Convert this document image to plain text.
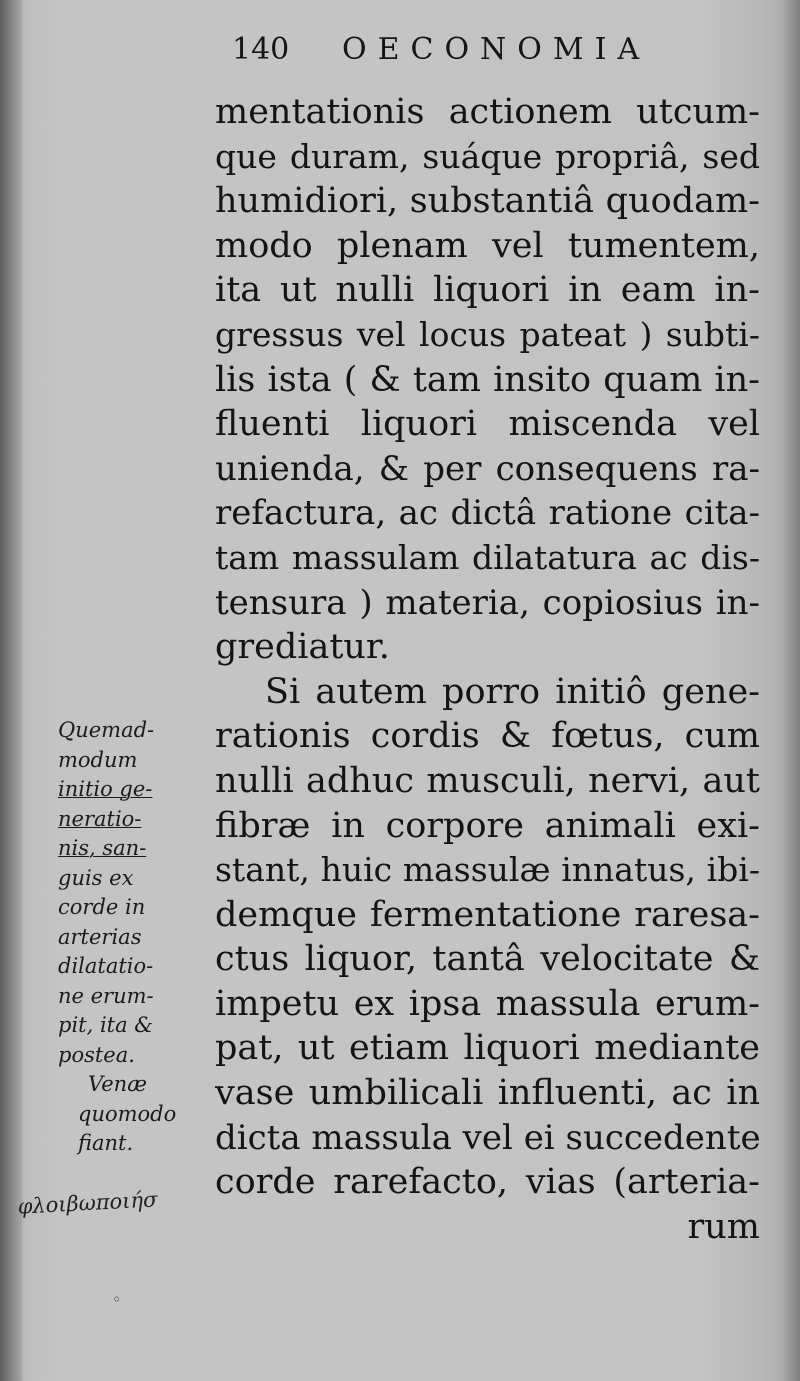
140 OECONOMIA
mentationis actionem utcum-
que duram, suáque propriâ, sed
humidiori, substantiâ quodam-
modo plenam vel tumentem,
ita ut nulli liquori in eam in-
gressus vel locus pateat ) subti-
lis ista ( & tam insito quam in-
fluenti liquori miscenda vel
unienda, & per consequens ra-
refactura, ac dictâ ratione cita-
tam massulam dilatatura ac dis-
tensura ) materia, copiosius in-
grediatur.
Si autem porro initiô gene-
rationis cordis & fœtus, cum
nulli adhuc musculi, nervi, aut
fibræ in corpore animali exi-
stant, huic massulæ innatus, ibi-
demque fermentatione raresa-
ctus liquor, tantâ velocitate &
impetu ex ipsa massula erum-
pat, ut etiam liquori mediante
vase umbilicali influenti, ac in
dicta massula vel ei succedente
corde rarefacto, vias (arteria-
rum
Quemad-
modum
initio ge-
neratio-
nis, san-
guis ex
corde in
arterias
dilatatio-
ne erum-
pit, ita &
postea.
Venæ
quomodo
fiant.
φλοιβωποιήσ
◦
